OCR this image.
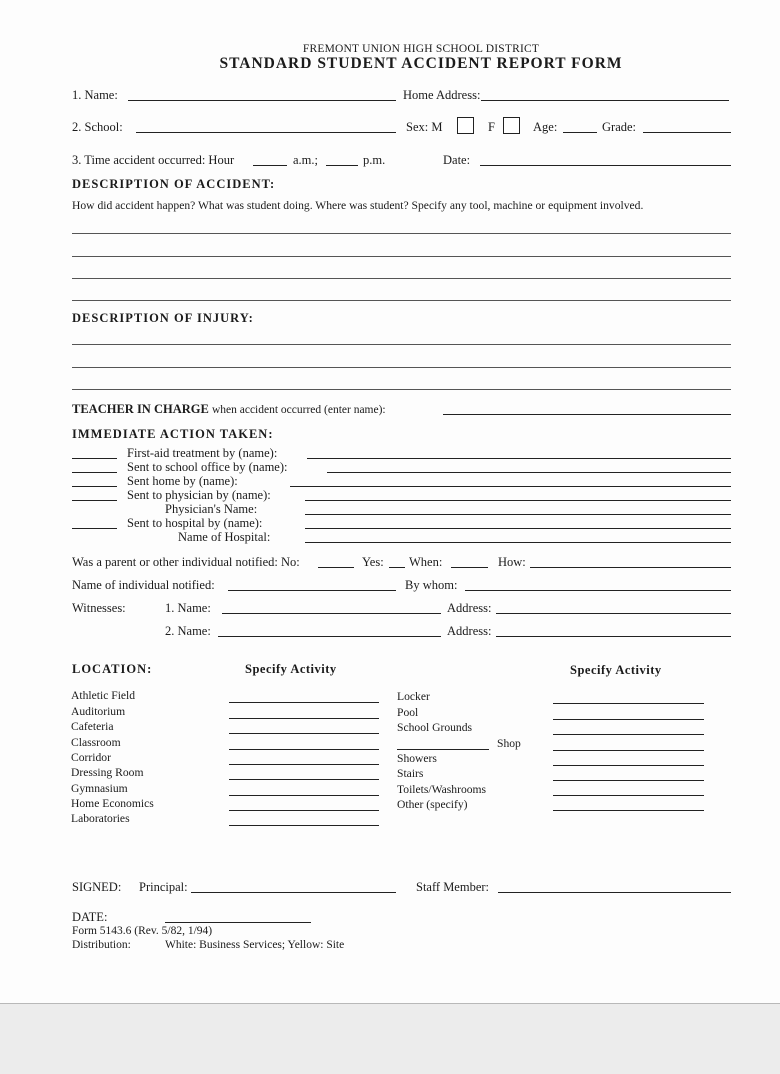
FREMONT UNION HIGH SCHOOL DISTRICT
STANDARD STUDENT ACCIDENT REPORT FORM
1. Name:	Home Address:
2. School:	Sex: M	F	Age:	Grade:
3. Time accident occurred: Hour	a.m.;	p.m.	Date:
DESCRIPTION OF ACCIDENT:
How did accident happen? What was student doing. Where was student? Specify any tool, machine or equipment involved.
DESCRIPTION OF INJURY:
TEACHER IN CHARGE when accident occurred (enter name):
IMMEDIATE ACTION TAKEN:
First-aid treatment by (name):
Sent to school office by (name):
Sent home by (name):
Sent to physician by (name):
Physician's Name:
Sent to hospital by (name):
Name of Hospital:
Was a parent or other individual notified: No:	Yes: When:	How:
Name of individual notified:	By whom:
Witnesses:	1. Name:	Address:
2. Name:	Address:
LOCATION:	Specify Activity	Specify Activity
Athletic Field
Auditorium
Cafeteria
Classroom
Corridor
Dressing Room
Gymnasium
Home Economics
Laboratories
Locker
Pool
School Grounds
Shop
Showers
Stairs
Toilets/Washrooms
Other (specify)
SIGNED: Principal:	Staff Member:
DATE:
Form 5143.6 (Rev. 5/82, 1/94)
Distribution:	White: Business Services; Yellow: Site
